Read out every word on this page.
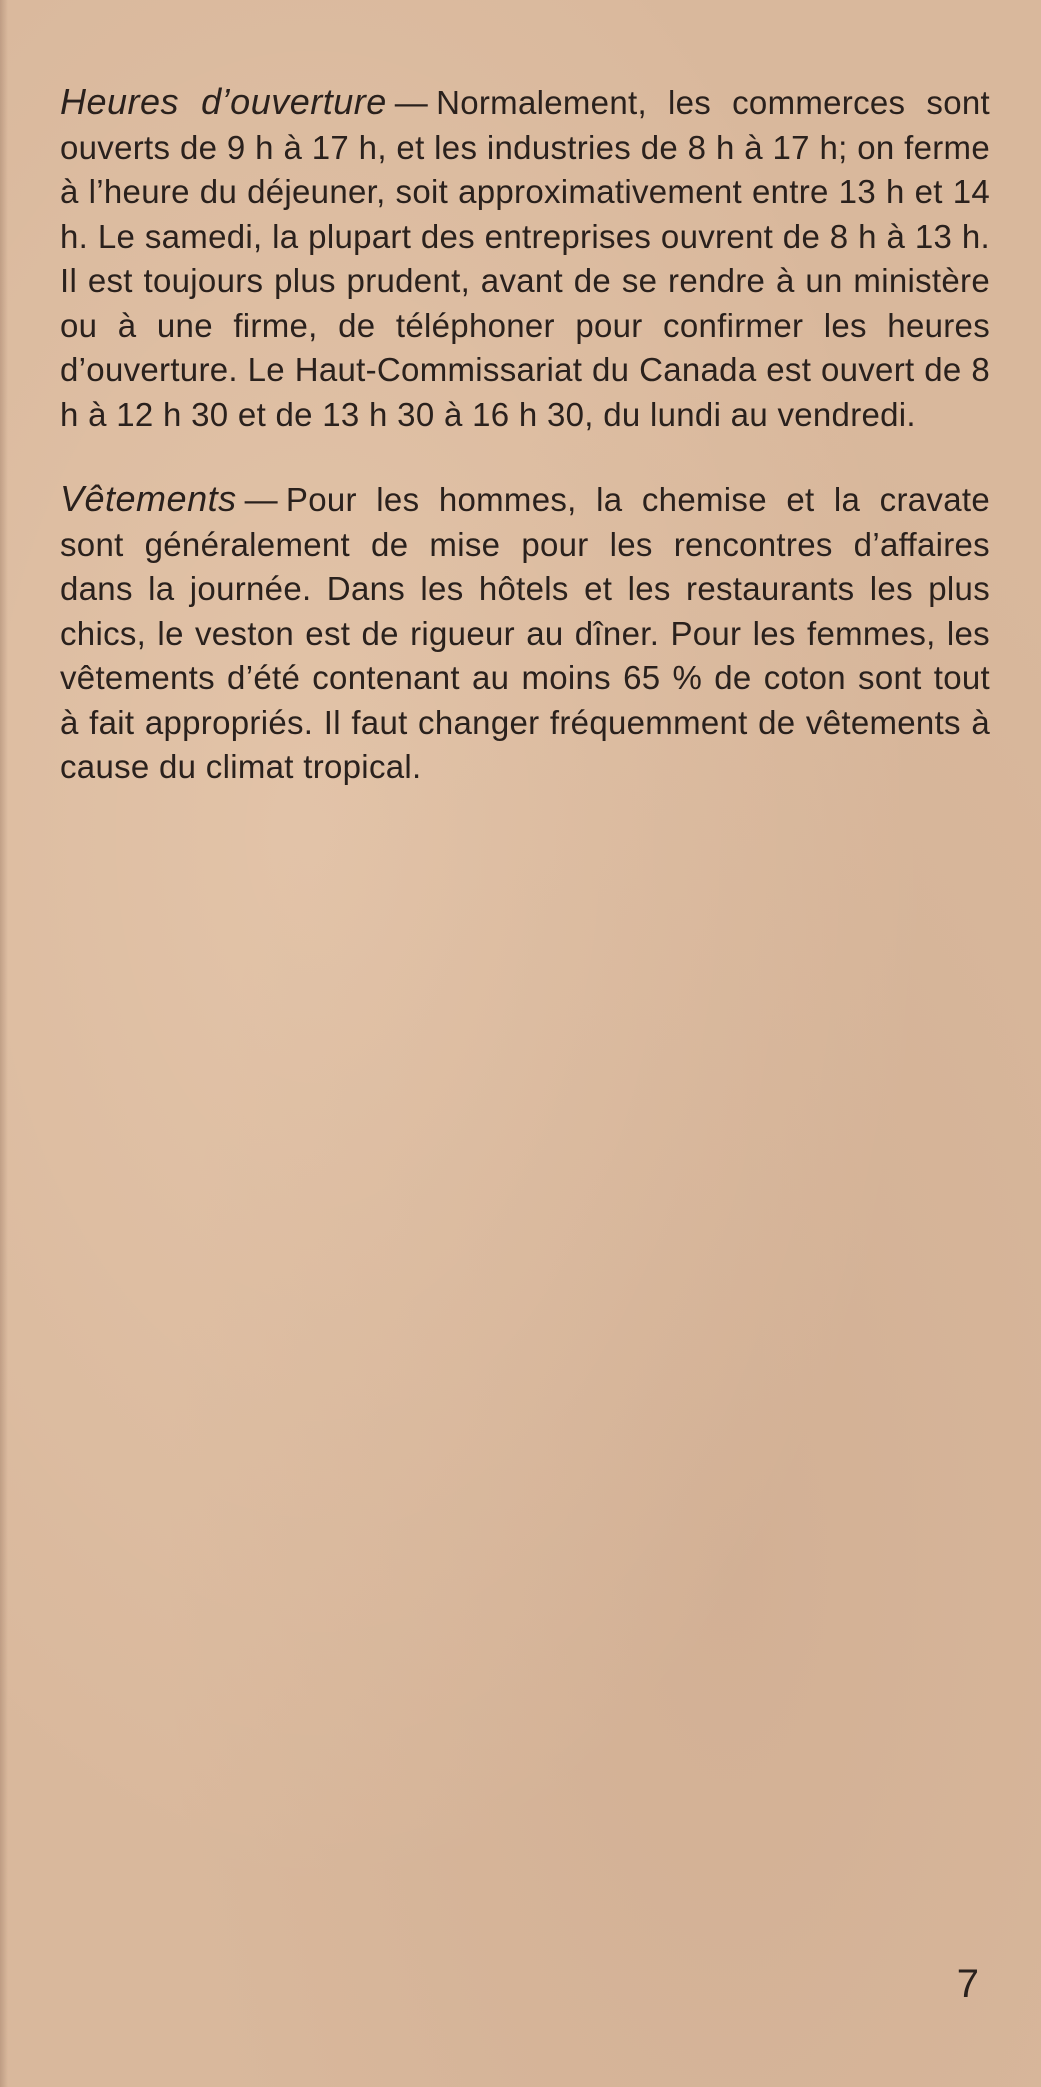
Heures d’ouverture — Normalement, les commerces sont ouverts de 9 h à 17 h, et les industries de 8 h à 17 h; on ferme à l’heure du déjeuner, soit approximativement entre 13 h et 14 h. Le samedi, la plupart des entreprises ouvrent de 8 h à 13 h. Il est toujours plus prudent, avant de se rendre à un ministère ou à une firme, de téléphoner pour confirmer les heures d’ouverture. Le Haut-Commissariat du Canada est ouvert de 8 h à 12 h 30 et de 13 h 30 à 16 h 30, du lundi au vendredi.

Vêtements — Pour les hommes, la chemise et la cravate sont généralement de mise pour les rencontres d’affaires dans la journée. Dans les hôtels et les restaurants les plus chics, le veston est de rigueur au dîner. Pour les femmes, les vêtements d’été contenant au moins 65 % de coton sont tout à fait appropriés. Il faut changer fréquemment de vêtements à cause du climat tropical.

7
